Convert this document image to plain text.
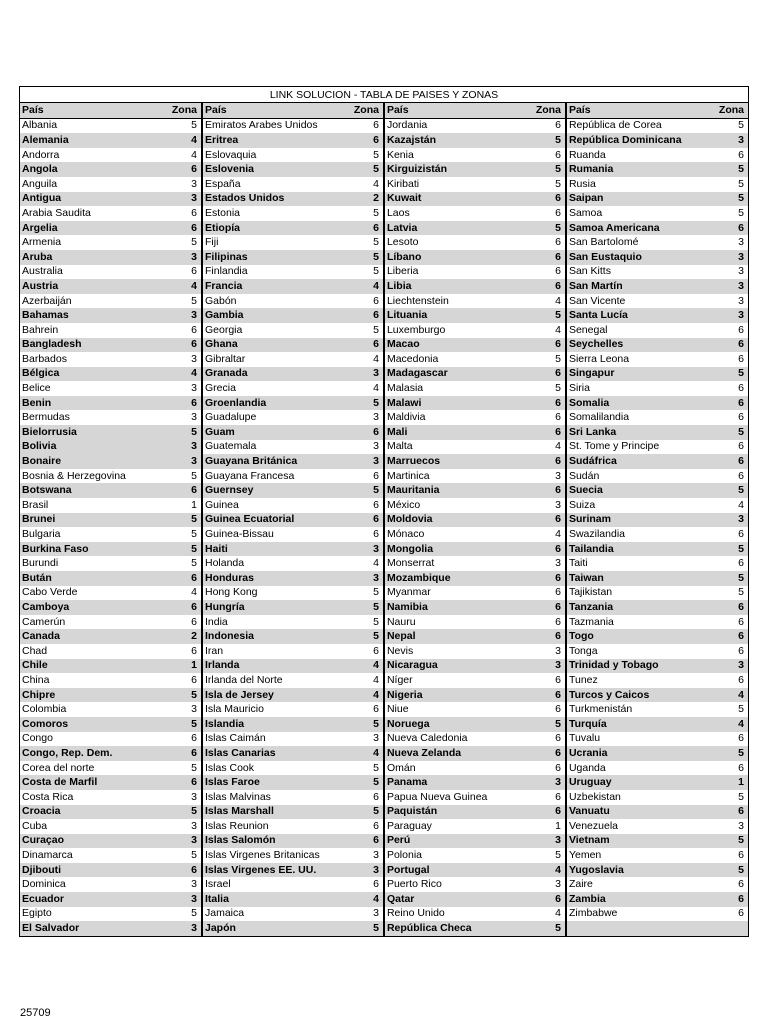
LINK SOLUCION - TABLA DE PAISES Y ZONAS
País	Zona	País	Zona	País	Zona	País	Zona
Albania	5	Emiratos Arabes Unidos	6	Jordania	6	República de Corea	5
Alemania	4	Eritrea	6	Kazajstán	5	República Dominicana	3
Andorra	4	Eslovaquia	5	Kenia	6	Ruanda	6
Angola	6	Eslovenia	5	Kirguizistán	5	Rumania	5
Anguila	3	España	4	Kiribati	5	Rusia	5
Antigua	3	Estados Unidos	2	Kuwait	6	Saipan	5
Arabia Saudita	6	Estonia	5	Laos	6	Samoa	5
Argelia	6	Etiopía	6	Latvia	5	Samoa Americana	6
Armenia	5	Fiji	5	Lesoto	6	San Bartolomé	3
Aruba	3	Filipinas	5	Líbano	6	San Eustaquio	3
Australia	6	Finlandia	5	Liberia	6	San Kitts	3
Austria	4	Francia	4	Libia	6	San Martín	3
Azerbaiján	5	Gabón	6	Liechtenstein	4	San Vicente	3
Bahamas	3	Gambia	6	Lituania	5	Santa Lucía	3
Bahrein	6	Georgia	5	Luxemburgo	4	Senegal	6
Bangladesh	6	Ghana	6	Macao	6	Seychelles	6
Barbados	3	Gibraltar	4	Macedonia	5	Sierra Leona	6
Bélgica	4	Granada	3	Madagascar	6	Singapur	5
Belice	3	Grecia	4	Malasia	5	Siria	6
Benin	6	Groenlandia	5	Malawi	6	Somalia	6
Bermudas	3	Guadalupe	3	Maldivia	6	Somalilandia	6
Bielorrusia	5	Guam	6	Mali	6	Sri Lanka	5
Bolivia	3	Guatemala	3	Malta	4	St. Tome y Principe	6
Bonaire	3	Guayana Británica	3	Marruecos	6	Sudáfrica	6
Bosnia & Herzegovina	5	Guayana Francesa	6	Martinica	3	Sudán	6
Botswana	6	Guernsey	5	Mauritania	6	Suecia	5
Brasil	1	Guinea	6	México	3	Suiza	4
Brunei	5	Guinea Ecuatorial	6	Moldovia	6	Surinam	3
Bulgaria	5	Guinea-Bissau	6	Mónaco	4	Swazilandia	6
Burkina Faso	5	Haiti	3	Mongolia	6	Tailandia	5
Burundi	5	Holanda	4	Monserrat	3	Taiti	6
Bután	6	Honduras	3	Mozambique	6	Taiwan	5
Cabo Verde	4	Hong Kong	5	Myanmar	6	Tajikistan	5
Camboya	6	Hungría	5	Namibia	6	Tanzania	6
Camerún	6	India	5	Nauru	6	Tazmania	6
Canada	2	Indonesia	5	Nepal	6	Togo	6
Chad	6	Iran	6	Nevis	3	Tonga	6
Chile	1	Irlanda	4	Nicaragua	3	Trinidad y Tobago	3
China	6	Irlanda del Norte	4	Níger	6	Tunez	6
Chipre	5	Isla de Jersey	4	Nigeria	6	Turcos y Caicos	4
Colombia	3	Isla Mauricio	6	Niue	6	Turkmenistán	5
Comoros	5	Islandia	5	Noruega	5	Turquía	4
Congo	6	Islas Caimán	3	Nueva Caledonia	6	Tuvalu	6
Congo, Rep. Dem.	6	Islas Canarias	4	Nueva Zelanda	6	Ucrania	5
Corea del norte	5	Islas Cook	5	Omán	6	Uganda	6
Costa de Marfil	6	Islas Faroe	5	Panama	3	Uruguay	1
Costa Rica	3	Islas Malvinas	6	Papua Nueva Guinea	6	Uzbekistan	5
Croacia	5	Islas Marshall	5	Paquistán	6	Vanuatu	6
Cuba	3	Islas Reunion	6	Paraguay	1	Venezuela	3
Curaçao	3	Islas Salomón	6	Perú	3	Vietnam	5
Dinamarca	5	Islas Virgenes Britanicas	3	Polonia	5	Yemen	6
Djibouti	6	Islas Virgenes EE. UU.	3	Portugal	4	Yugoslavia	5
Dominica	3	Israel	6	Puerto Rico	3	Zaire	6
Ecuador	3	Italia	4	Qatar	6	Zambia	6
Egipto	5	Jamaica	3	Reino Unido	4	Zimbabwe	6
El Salvador	3	Japón	5	República Checa	5		
25709
